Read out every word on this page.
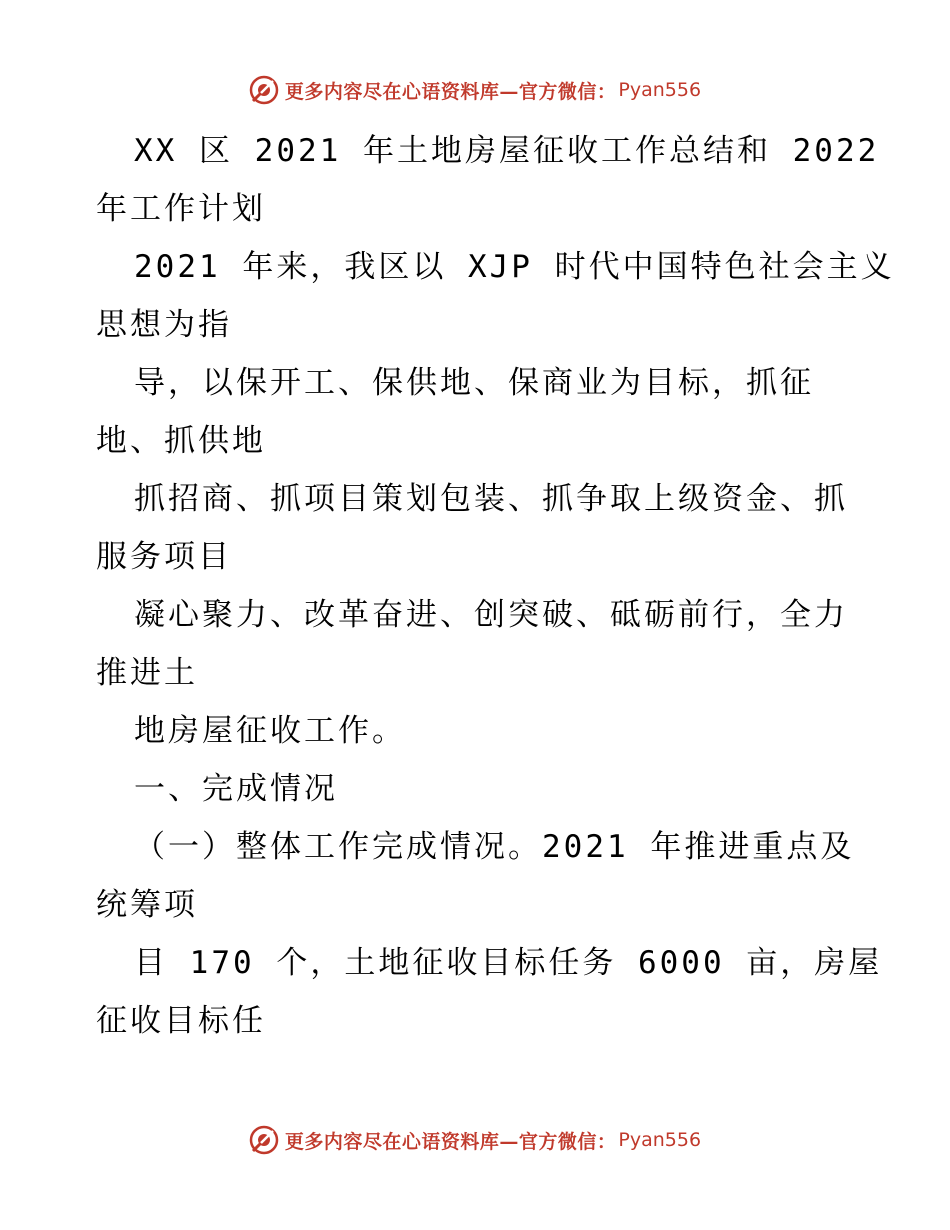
更多内容尽在心语资料库—官方微信： Pyan556
XX 区 2021 年土地房屋征收工作总结和 2022
年工作计划
2021 年来，我区以 XJP 时代中国特色社会主义
思想为指
导，以保开工、保供地、保商业为目标，抓征
地、抓供地
抓招商、抓项目策划包装、抓争取上级资金、抓
服务项目
凝心聚力、改革奋进、创突破、砥砺前行，全力
推进土
地房屋征收工作。
一、完成情况
（一）整体工作完成情况。2021 年推进重点及
统筹项
目 170 个，土地征收目标任务 6000 亩，房屋
征收目标任
更多内容尽在心语资料库—官方微信： Pyan556
